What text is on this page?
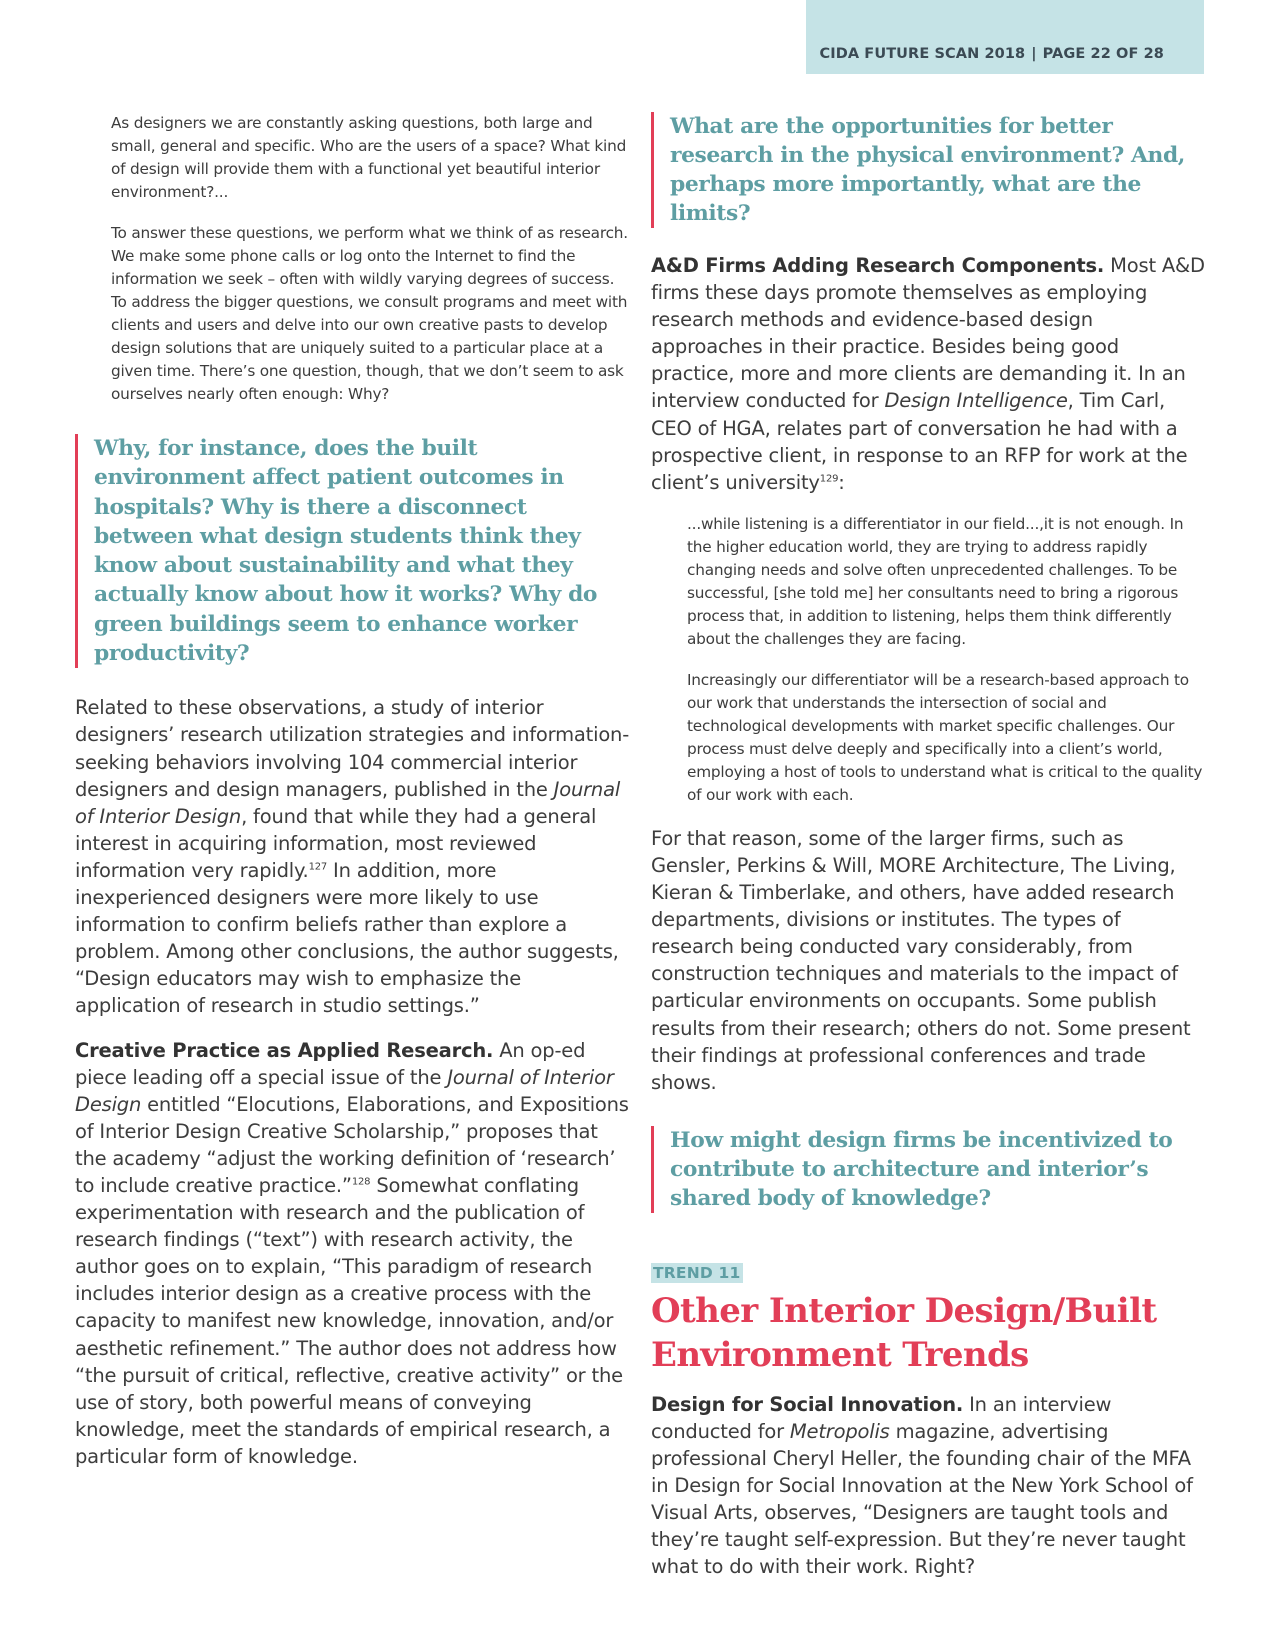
CIDA FUTURE SCAN 2018 | PAGE 22 OF 28

As designers we are constantly asking questions, both large and small, general and specific. Who are the users of a space? What kind of design will provide them with a functional yet beautiful interior environment?...

To answer these questions, we perform what we think of as research. We make some phone calls or log onto the Internet to find the information we seek – often with wildly varying degrees of success. To address the bigger questions, we consult programs and meet with clients and users and delve into our own creative pasts to develop design solutions that are uniquely suited to a particular place at a given time. There’s one question, though, that we don’t seem to ask ourselves nearly often enough: Why?

Why, for instance, does the built environment affect patient outcomes in hospitals? Why is there a disconnect between what design students think they know about sustainability and what they actually know about how it works? Why do green buildings seem to enhance worker productivity?

Related to these observations, a study of interior designers’ research utilization strategies and information-seeking behaviors involving 104 commercial interior designers and design managers, published in the Journal of Interior Design, found that while they had a general interest in acquiring information, most reviewed information very rapidly.$^{127}$ In addition, more inexperienced designers were more likely to use information to confirm beliefs rather than explore a problem. Among other conclusions, the author suggests, “Design educators may wish to emphasize the application of research in studio settings.”

Creative Practice as Applied Research. An op-ed piece leading off a special issue of the Journal of Interior Design entitled “Elocutions, Elaborations, and Expositions of Interior Design Creative Scholarship,” proposes that the academy “adjust the working definition of ‘research’ to include creative practice.”$^{128}$ Somewhat conflating experimentation with research and the publication of research findings (“text”) with research activity, the author goes on to explain, “This paradigm of research includes interior design as a creative process with the capacity to manifest new knowledge, innovation, and/or aesthetic refinement.” The author does not address how “the pursuit of critical, reflective, creative activity” or the use of story, both powerful means of conveying knowledge, meet the standards of empirical research, a particular form of knowledge.

What are the opportunities for better research in the physical environment? And, perhaps more importantly, what are the limits?

A&D Firms Adding Research Components. Most A&D firms these days promote themselves as employing research methods and evidence-based design approaches in their practice. Besides being good practice, more and more clients are demanding it. In an interview conducted for Design Intelligence, Tim Carl, CEO of HGA, relates part of conversation he had with a prospective client, in response to an RFP for work at the client’s university$^{129}$:

...while listening is a differentiator in our field...,it is not enough. In the higher education world, they are trying to address rapidly changing needs and solve often unprecedented challenges. To be successful, [she told me] her consultants need to bring a rigorous process that, in addition to listening, helps them think differently about the challenges they are facing.

Increasingly our differentiator will be a research-based approach to our work that understands the intersection of social and technological developments with market specific challenges. Our process must delve deeply and specifically into a client’s world, employing a host of tools to understand what is critical to the quality of our work with each.

For that reason, some of the larger firms, such as Gensler, Perkins & Will, MORE Architecture, The Living, Kieran & Timberlake, and others, have added research departments, divisions or institutes. The types of research being conducted vary considerably, from construction techniques and materials to the impact of particular environments on occupants. Some publish results from their research; others do not. Some present their findings at professional conferences and trade shows.

How might design firms be incentivized to contribute to architecture and interior’s shared body of knowledge?

TREND 11
Other Interior Design/Built Environment Trends

Design for Social Innovation. In an interview conducted for Metropolis magazine, advertising professional Cheryl Heller, the founding chair of the MFA in Design for Social Innovation at the New York School of Visual Arts, observes, “Designers are taught tools and they’re taught self-expression. But they’re never taught what to do with their work. Right?
